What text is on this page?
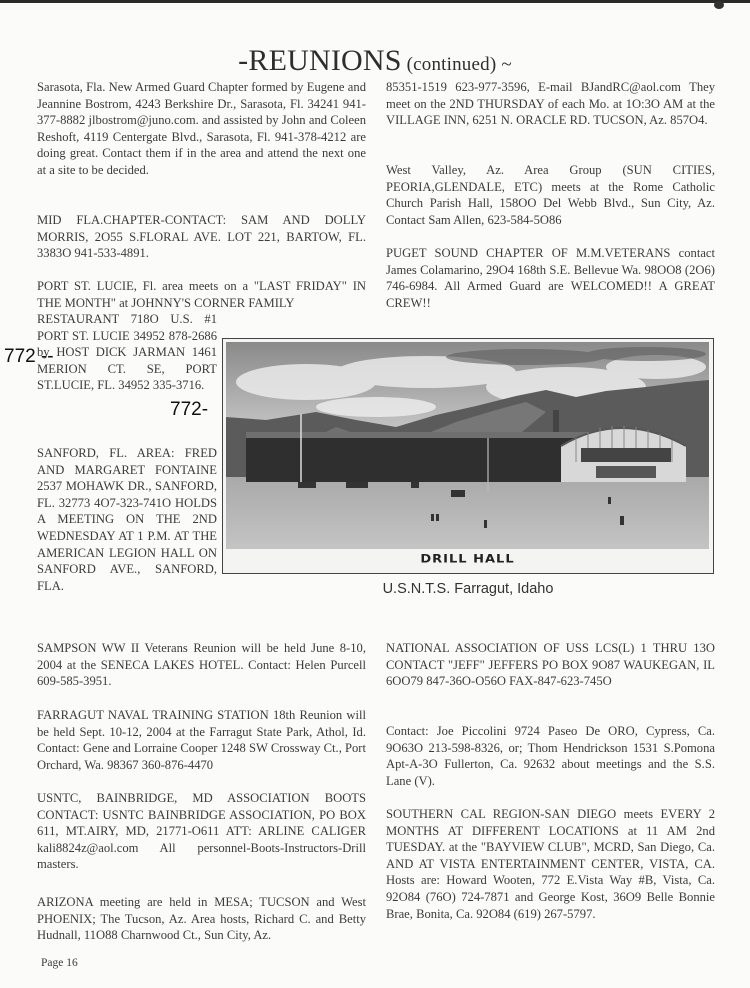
-REUNIONS (continued) ~

Sarasota, Fla. New Armed Guard Chapter formed by Eugene and Jeannine Bostrom, 4243 Berkshire Dr., Sarasota, Fl. 34241 941-377-8882 jlbostrom@juno.com. and assisted by John and Coleen Reshoft, 4119 Centergate Blvd., Sarasota, Fl. 941-378-4212 are doing great. Contact them if in the area and attend the next one at a site to be decided.

MID FLA.CHAPTER-CONTACT: SAM AND DOLLY MORRIS, 2O55 S.FLORAL AVE. LOT 221, BARTOW, FL. 3383O 941-533-4891.

PORT ST. LUCIE, Fl. area meets on a "LAST FRIDAY" IN THE MONTH" at JOHNNY'S CORNER FAMILY

RESTAURANT 718O U.S. #1 PORT ST. LUCIE 34952 878-2686 by HOST DICK JARMAN 1461 MERION CT. SE, PORT ST.LUCIE, FL. 34952 335-3716.

772 --
772-

SANFORD, FL. AREA: FRED AND MARGARET FONTAINE 2537 MOHAWK DR., SANFORD, FL. 32773 4O7-323-741O HOLDS A MEETING ON THE 2ND WEDNESDAY AT 1 P.M. AT THE AMERICAN LEGION HALL ON SANFORD AVE., SANFORD, FLA.

SAMPSON WW II Veterans Reunion will be held June 8-10, 2004 at the SENECA LAKES HOTEL. Contact: Helen Purcell 609-585-3951.

FARRAGUT NAVAL TRAINING STATION 18th Reunion will be held Sept. 10-12, 2004 at the Farragut State Park, Athol, Id. Contact: Gene and Lorraine Cooper 1248 SW Crossway Ct., Port Orchard, Wa. 98367 360-876-4470

USNTC, BAINBRIDGE, MD ASSOCIATION BOOTS CONTACT: USNTC BAINBRIDGE ASSOCIATION, PO BOX 611, MT.AIRY, MD, 21771-O611 ATT: ARLINE CALIGER kali8824z@aol.com All personnel-Boots-Instructors-Drill masters.

ARIZONA meeting are held in MESA; TUCSON and West PHOENIX; The Tucson, Az. Area hosts, Richard C. and Betty Hudnall, 11O88 Charnwood Ct., Sun City, Az.

85351-1519 623-977-3596, E-mail BJandRC@aol.com They meet on the 2ND THURSDAY of each Mo. at 1O:3O AM at the VILLAGE INN, 6251 N. ORACLE RD. TUCSON, Az. 857O4.

West Valley, Az. Area Group (SUN CITIES, PEORIA,GLENDALE, ETC) meets at the Rome Catholic Church Parish Hall, 158OO Del Webb Blvd., Sun City, Az. Contact Sam Allen, 623-584-5O86

PUGET SOUND CHAPTER OF M.M.VETERANS contact James Colamarino, 29O4 168th S.E. Bellevue Wa. 98OO8 (2O6) 746-6984. All Armed Guard are WELCOMED!! A GREAT CREW!!

NATIONAL ASSOCIATION OF USS LCS(L) 1 THRU 13O CONTACT "JEFF" JEFFERS PO BOX 9O87 WAUKEGAN, IL 6OO79 847-36O-O56O FAX-847-623-745O

Contact: Joe Piccolini 9724 Paseo De ORO, Cypress, Ca. 9O63O 213-598-8326, or; Thom Hendrickson 1531 S.Pomona Apt-A-3O Fullerton, Ca. 92632 about meetings and the S.S. Lane (V).

SOUTHERN CAL REGION-SAN DIEGO meets EVERY 2 MONTHS AT DIFFERENT LOCATIONS at 11 AM 2nd TUESDAY. at the "BAYVIEW CLUB", MCRD, San Diego, Ca. AND AT VISTA ENTERTAINMENT CENTER, VISTA, CA. Hosts are: Howard Wooten, 772 E.Vista Way #B, Vista, Ca. 92O84 (76O) 724-7871 and George Kost, 36O9 Belle Bonnie Brae, Bonita, Ca. 92O84 (619) 267-5797.

DRILL HALL
U.S.N.T.S. Farragut, Idaho
Page 16
